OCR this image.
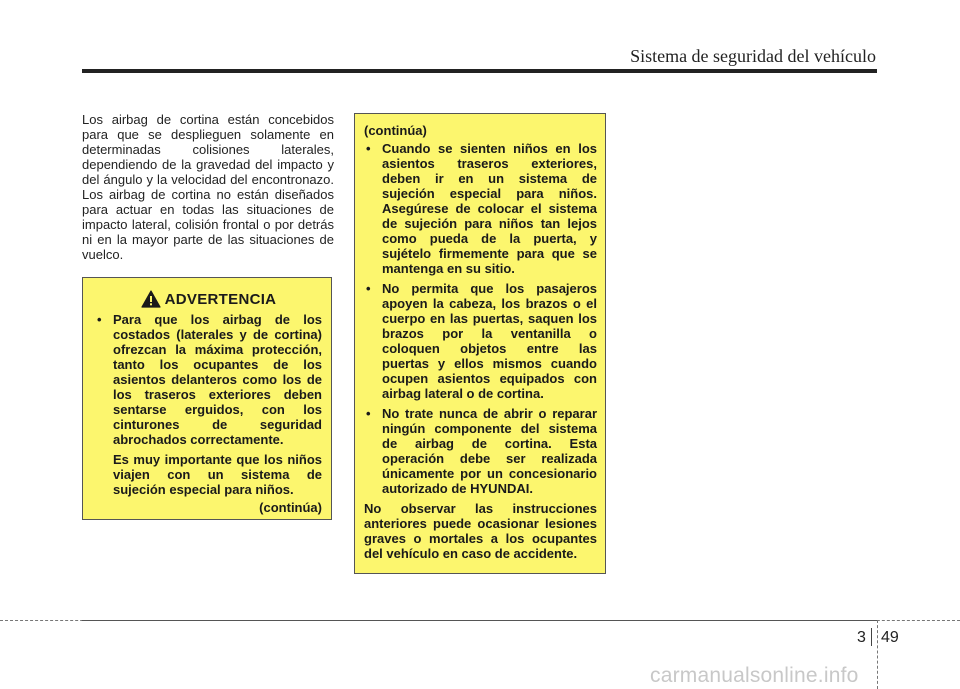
Sistema de seguridad del vehículo
Los airbag de cortina están concebidos para que se desplieguen solamente en determinadas colisiones laterales, dependiendo de la gravedad del impacto y del ángulo y la velocidad del encontronazo. Los airbag de cortina no están diseñados para actuar en todas las situaciones de impacto lateral, colisión frontal o por detrás ni en la mayor parte de las situaciones de vuelco.
ADVERTENCIA
• Para que los airbag de los costados (laterales y de cortina) ofrezcan la máxima protección, tanto los ocupantes de los asientos delanteros como los de los traseros exteriores deben sentarse erguidos, con los cinturones de seguridad abrochados correctamente.
Es muy importante que los niños viajen con un sistema de sujeción especial para niños.
(continúa)
(continúa)
• Cuando se sienten niños en los asientos traseros exteriores, deben ir en un sistema de sujeción especial para niños. Asegúrese de colocar el sistema de sujeción para niños tan lejos como pueda de la puerta, y sujételo firmemente para que se mantenga en su sitio.
• No permita que los pasajeros apoyen la cabeza, los brazos o el cuerpo en las puertas, saquen los brazos por la ventanilla o coloquen objetos entre las puertas y ellos mismos cuando ocupen asientos equipados con airbag lateral o de cortina.
• No trate nunca de abrir o reparar ningún componente del sistema de airbag de cortina. Esta operación debe ser realizada únicamente por un concesionario autorizado de HYUNDAI.
No observar las instrucciones anteriores puede ocasionar lesiones graves o mortales a los ocupantes del vehículo en caso de accidente.
3 49
carmanualsonline.info
